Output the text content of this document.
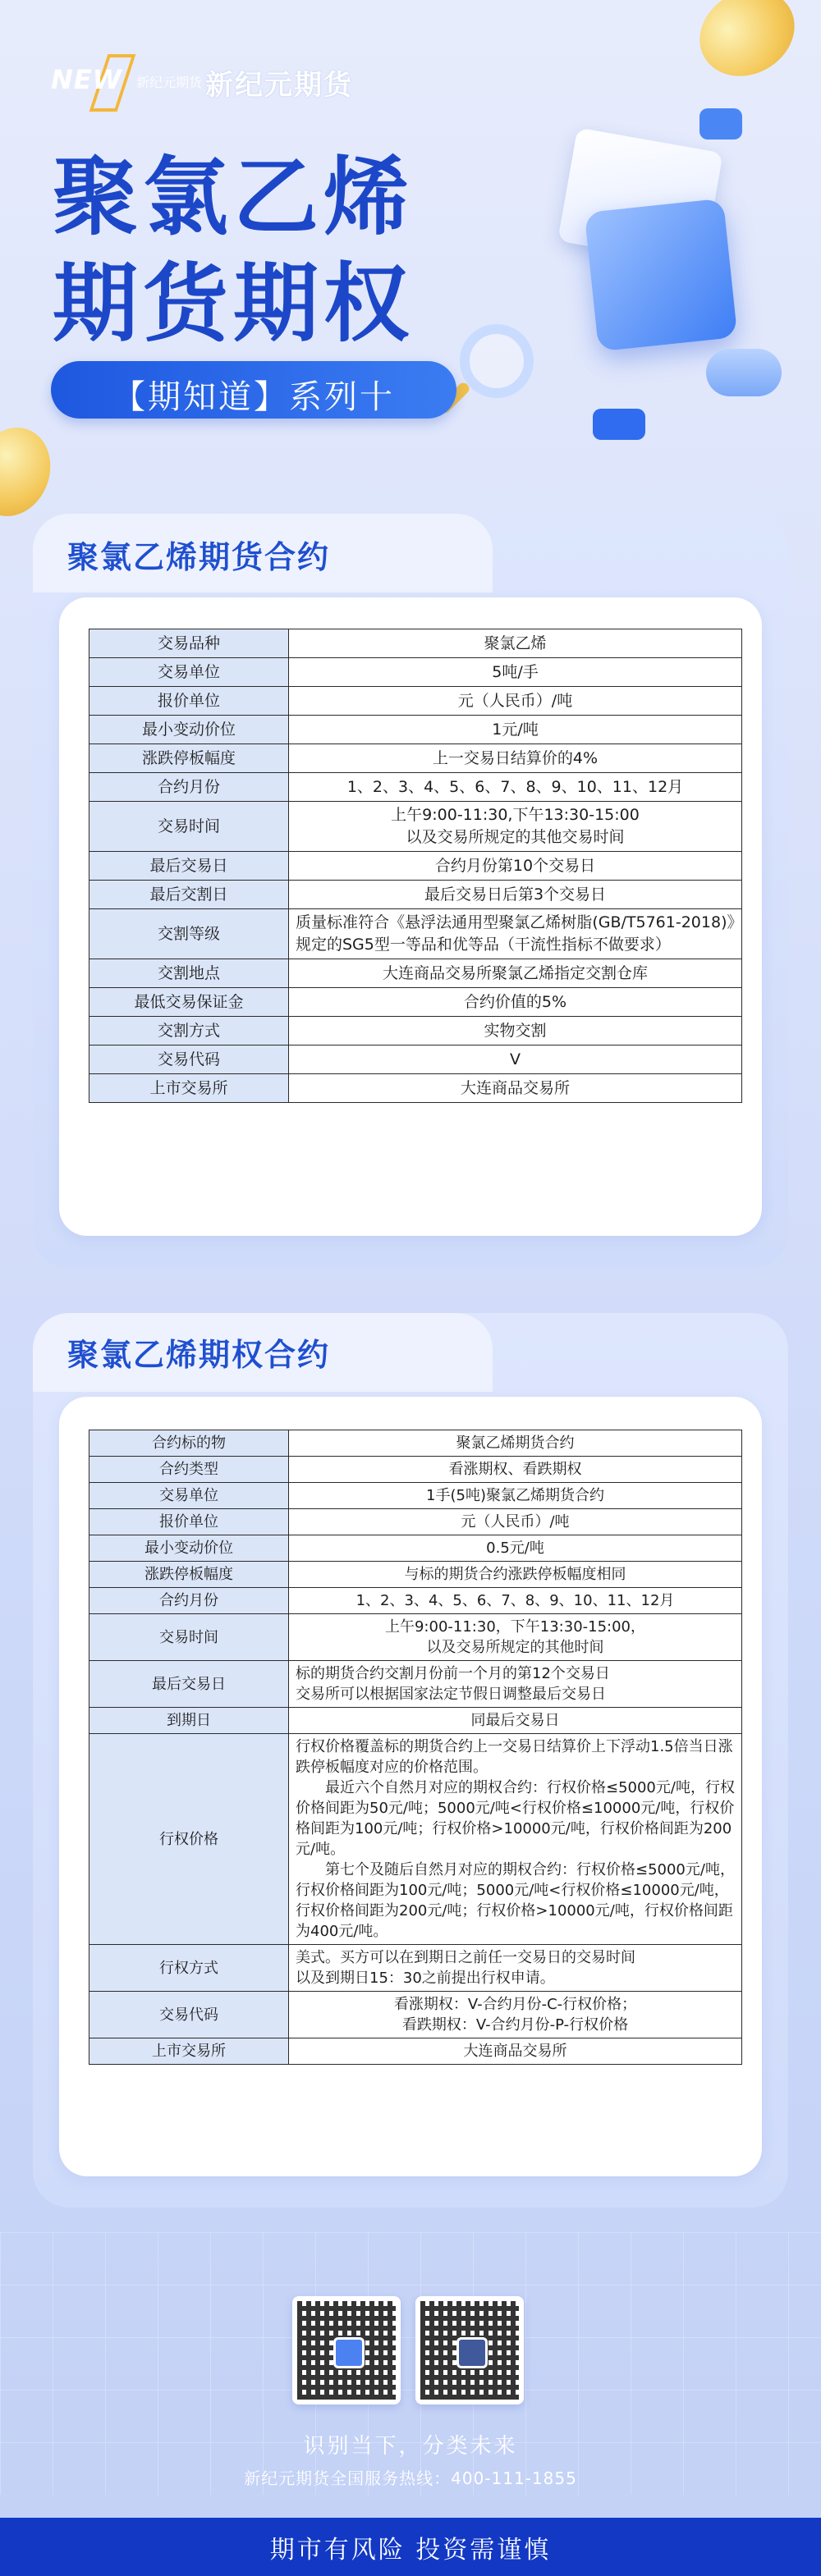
NEW 新纪元期货 新纪元期货
聚氯乙烯
期货期权
【期知道】系列十
聚氯乙烯期货合约
交易品种	聚氯乙烯
交易单位	5吨/手
报价单位	元（人民币）/吨
最小变动价位	1元/吨
涨跌停板幅度	上一交易日结算价的4%
合约月份	1、2、3、4、5、6、7、8、9、10、11、12月
交易时间	上午9:00-11:30,下午13:30-15:00
以及交易所规定的其他交易时间

最后交易日	合约月份第10个交易日
最后交割日	最后交易日后第3个交易日
交割等级	质量标准符合《悬浮法通用型聚氯乙烯树脂(GB/T5761-2018)》规定的SG5型一等品和优等品（干流性指标不做要求）
交割地点	大连商品交易所聚氯乙烯指定交割仓库
最低交易保证金	合约价值的5%
交割方式	实物交割
交易代码	V
上市交易所	大连商品交易所
聚氯乙烯期权合约
合约标的物	聚氯乙烯期货合约
合约类型	看涨期权、看跌期权
交易单位	1手(5吨)聚氯乙烯期货合约
报价单位	元（人民币）/吨
最小变动价位	0.5元/吨
涨跌停板幅度	与标的期货合约涨跌停板幅度相同
合约月份	1、2、3、4、5、6、7、8、9、10、11、12月
交易时间	上午9:00-11:30，下午13:30-15:00，
以及交易所规定的其他时间

最后交易日	标的期货合约交割月份前一个月的第12个交易日
交易所可以根据国家法定节假日调整最后交易日

到期日	同最后交易日
行权价格	行权价格覆盖标的期货合约上一交易日结算价上下浮动1.5倍当日涨跌停板幅度对应的价格范围。
最近六个自然月对应的期权合约：行权价格≤5000元/吨，行权价格间距为50元/吨；5000元/吨<行权价格≤10000元/吨，行权价格间距为100元/吨；行权价格>10000元/吨，行权价格间距为200元/吨。
第七个及随后自然月对应的期权合约：行权价格≤5000元/吨，行权价格间距为100元/吨；5000元/吨<行权价格≤10000元/吨，行权价格间距为200元/吨；行权价格>10000元/吨，行权价格间距为400元/吨。

行权方式	美式。买方可以在到期日之前任一交易日的交易时间
以及到期日15：30之前提出行权申请。

交易代码	看涨期权：V-合约月份-C-行权价格；
看跌期权：V-合约月份-P-行权价格

上市交易所	大连商品交易所
识别当下，分类未来
新纪元期货全国服务热线：400-111-1855
期市有风险 投资需谨慎
